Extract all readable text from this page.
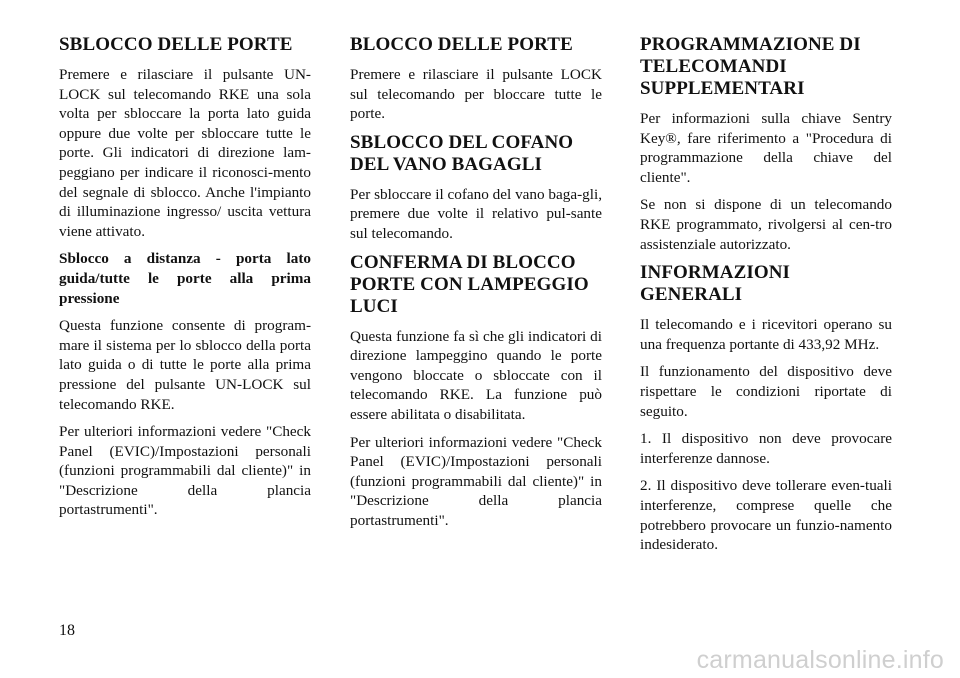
SBLOCCO DELLE PORTE

Premere e rilasciare il pulsante UN-LOCK sul telecomando RKE una sola volta per sbloccare la porta lato guida oppure due volte per sbloccare tutte le porte. Gli indicatori di direzione lam-peggiano per indicare il riconosci-mento del segnale di sblocco. Anche l'impianto di illuminazione ingresso/ uscita vettura viene attivato.

Sblocco a distanza - porta lato guida/tutte le porte alla prima pressione

Questa funzione consente di program-mare il sistema per lo sblocco della porta lato guida o di tutte le porte alla prima pressione del pulsante UN-LOCK sul telecomando RKE.

Per ulteriori informazioni vedere "Check Panel (EVIC)/Impostazioni personali (funzioni programmabili dal cliente)" in "Descrizione della plancia portastrumenti".

BLOCCO DELLE PORTE

Premere e rilasciare il pulsante LOCK sul telecomando per bloccare tutte le porte.

SBLOCCO DEL COFANO DEL VANO BAGAGLI

Per sbloccare il cofano del vano baga-gli, premere due volte il relativo pul-sante sul telecomando.

CONFERMA DI BLOCCO PORTE CON LAMPEGGIO LUCI

Questa funzione fa sì che gli indicatori di direzione lampeggino quando le porte vengono bloccate o sbloccate con il telecomando RKE. La funzione può essere abilitata o disabilitata.

Per ulteriori informazioni vedere "Check Panel (EVIC)/Impostazioni personali (funzioni programmabili dal cliente)" in "Descrizione della plancia portastrumenti".

PROGRAMMAZIONE DI TELECOMANDI SUPPLEMENTARI

Per informazioni sulla chiave Sentry Key®, fare riferimento a "Procedura di programmazione della chiave del cliente".

Se non si dispone di un telecomando RKE programmato, rivolgersi al cen-tro assistenziale autorizzato.

INFORMAZIONI GENERALI

Il telecomando e i ricevitori operano su una frequenza portante di 433,92 MHz.

Il funzionamento del dispositivo deve rispettare le condizioni riportate di seguito.

1. Il dispositivo non deve provocare interferenze dannose.

2. Il dispositivo deve tollerare even-tuali interferenze, comprese quelle che potrebbero provocare un funzio-namento indesiderato.

18
carmanualsonline.info
